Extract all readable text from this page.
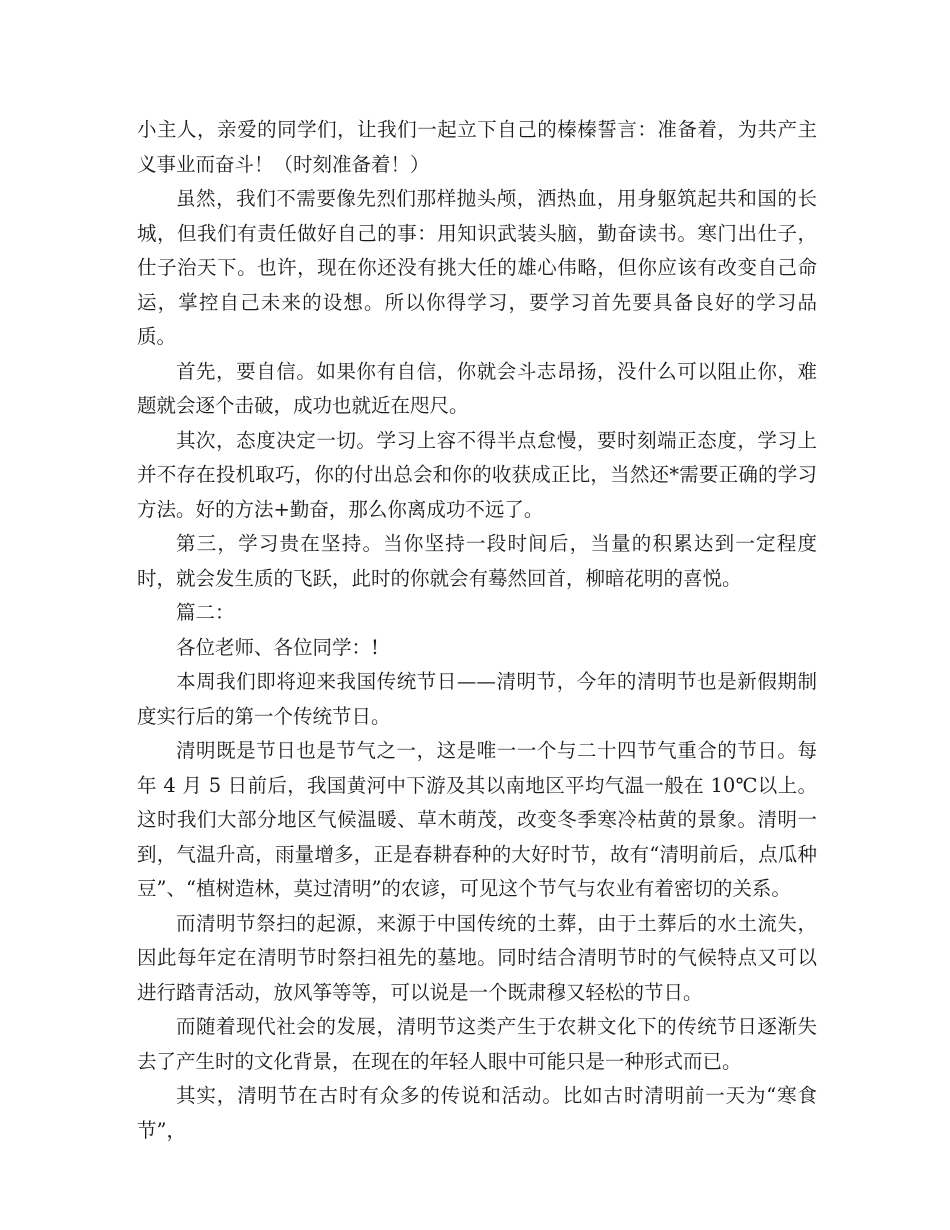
小主人，亲爱的同学们，让我们一起立下自己的榛榛誓言：准备着，为共产主义事业而奋斗！（时刻准备着！）

虽然，我们不需要像先烈们那样抛头颅，洒热血，用身躯筑起共和国的长城，但我们有责任做好自己的事：用知识武装头脑，勤奋读书。寒门出仕子，仕子治天下。也许，现在你还没有挑大任的雄心伟略，但你应该有改变自己命运，掌控自己未来的设想。所以你得学习，要学习首先要具备良好的学习品质。

首先，要自信。如果你有自信，你就会斗志昂扬，没什么可以阻止你，难题就会逐个击破，成功也就近在咫尺。

其次，态度决定一切。学习上容不得半点怠慢，要时刻端正态度，学习上并不存在投机取巧，你的付出总会和你的收获成正比，当然还*需要正确的学习方法。好的方法+勤奋，那么你离成功不远了。

第三，学习贵在坚持。当你坚持一段时间后，当量的积累达到一定程度时，就会发生质的飞跃，此时的你就会有蓦然回首，柳暗花明的喜悦。

篇二：

各位老师、各位同学：!

本周我们即将迎来我国传统节日——清明节，今年的清明节也是新假期制度实行后的第一个传统节日。

清明既是节日也是节气之一，这是唯一一个与二十四节气重合的节日。每年 4 月 5 日前后，我国黄河中下游及其以南地区平均气温一般在 10℃以上。这时我们大部分地区气候温暖、草木萌茂，改变冬季寒冷枯黄的景象。清明一到，气温升高，雨量增多，正是春耕春种的大好时节，故有“清明前后，点瓜种豆”、“植树造林，莫过清明”的农谚，可见这个节气与农业有着密切的关系。

而清明节祭扫的起源，来源于中国传统的土葬，由于土葬后的水土流失，因此每年定在清明节时祭扫祖先的墓地。同时结合清明节时的气候特点又可以进行踏青活动，放风筝等等，可以说是一个既肃穆又轻松的节日。

而随着现代社会的发展，清明节这类产生于农耕文化下的传统节日逐渐失去了产生时的文化背景，在现在的年轻人眼中可能只是一种形式而已。

其实，清明节在古时有众多的传说和活动。比如古时清明前一天为“寒食节”，
